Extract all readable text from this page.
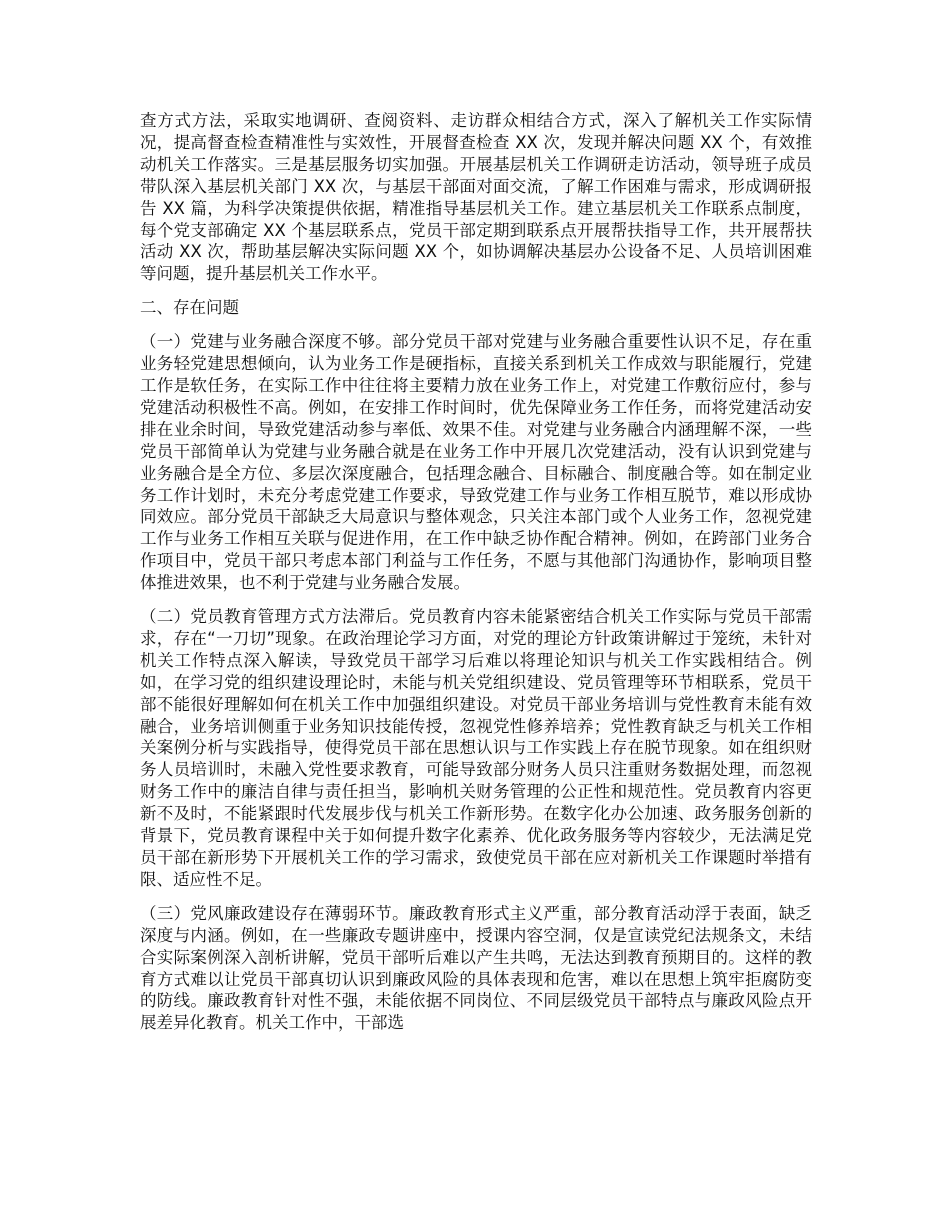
查方式方法，采取实地调研、查阅资料、走访群众相结合方式，深入了解机关工作实际情况，提高督查检查精准性与实效性，开展督查检查 XX 次，发现并解决问题 XX 个，有效推动机关工作落实。三是基层服务切实加强。开展基层机关工作调研走访活动，领导班子成员带队深入基层机关部门 XX 次，与基层干部面对面交流，了解工作困难与需求，形成调研报告 XX 篇，为科学决策提供依据，精准指导基层机关工作。建立基层机关工作联系点制度，每个党支部确定 XX 个基层联系点，党员干部定期到联系点开展帮扶指导工作，共开展帮扶活动 XX 次，帮助基层解决实际问题 XX 个，如协调解决基层办公设备不足、人员培训困难等问题，提升基层机关工作水平。

二、存在问题

（一）党建与业务融合深度不够。部分党员干部对党建与业务融合重要性认识不足，存在重业务轻党建思想倾向，认为业务工作是硬指标，直接关系到机关工作成效与职能履行，党建工作是软任务，在实际工作中往往将主要精力放在业务工作上，对党建工作敷衍应付，参与党建活动积极性不高。例如，在安排工作时间时，优先保障业务工作任务，而将党建活动安排在业余时间，导致党建活动参与率低、效果不佳。对党建与业务融合内涵理解不深，一些党员干部简单认为党建与业务融合就是在业务工作中开展几次党建活动，没有认识到党建与业务融合是全方位、多层次深度融合，包括理念融合、目标融合、制度融合等。如在制定业务工作计划时，未充分考虑党建工作要求，导致党建工作与业务工作相互脱节，难以形成协同效应。部分党员干部缺乏大局意识与整体观念，只关注本部门或个人业务工作，忽视党建工作与业务工作相互关联与促进作用，在工作中缺乏协作配合精神。例如，在跨部门业务合作项目中，党员干部只考虑本部门利益与工作任务，不愿与其他部门沟通协作，影响项目整体推进效果，也不利于党建与业务融合发展。

（二）党员教育管理方式方法滞后。党员教育内容未能紧密结合机关工作实际与党员干部需求，存在“一刀切”现象。在政治理论学习方面，对党的理论方针政策讲解过于笼统，未针对机关工作特点深入解读，导致党员干部学习后难以将理论知识与机关工作实践相结合。例如，在学习党的组织建设理论时，未能与机关党组织建设、党员管理等环节相联系，党员干部不能很好理解如何在机关工作中加强组织建设。对党员干部业务培训与党性教育未能有效融合，业务培训侧重于业务知识技能传授，忽视党性修养培养；党性教育缺乏与机关工作相关案例分析与实践指导，使得党员干部在思想认识与工作实践上存在脱节现象。如在组织财务人员培训时，未融入党性要求教育，可能导致部分财务人员只注重财务数据处理，而忽视财务工作中的廉洁自律与责任担当，影响机关财务管理的公正性和规范性。党员教育内容更新不及时，不能紧跟时代发展步伐与机关工作新形势。在数字化办公加速、政务服务创新的背景下，党员教育课程中关于如何提升数字化素养、优化政务服务等内容较少，无法满足党员干部在新形势下开展机关工作的学习需求，致使党员干部在应对新机关工作课题时举措有限、适应性不足。

（三）党风廉政建设存在薄弱环节。廉政教育形式主义严重，部分教育活动浮于表面，缺乏深度与内涵。例如，在一些廉政专题讲座中，授课内容空洞，仅是宣读党纪法规条文，未结合实际案例深入剖析讲解，党员干部听后难以产生共鸣，无法达到教育预期目的。这样的教育方式难以让党员干部真切认识到廉政风险的具体表现和危害，难以在思想上筑牢拒腐防变的防线。廉政教育针对性不强，未能依据不同岗位、不同层级党员干部特点与廉政风险点开展差异化教育。机关工作中，干部选
